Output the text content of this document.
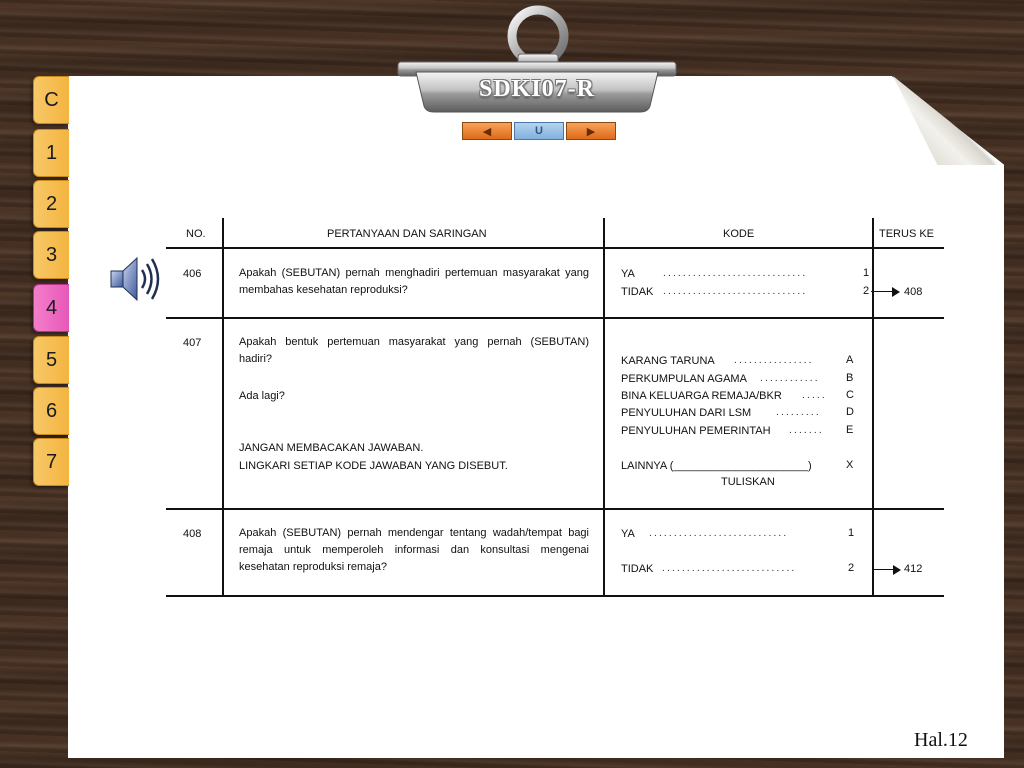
C
1
2
3
4
5
6
7
SDKI07-R
◀	U	▶
NO.	PERTANYAAN DAN SARINGAN	KODE	TERUS KE
406	Apakah (SEBUTAN) pernah menghadiri pertemuan masyarakat yang membahas kesehatan reproduksi?
YA	.............................	1
TIDAK .............................	2	408
407	Apakah bentuk pertemuan masyarakat yang pernah (SEBUTAN) hadiri?
Ada lagi?
JANGAN MEMBACAKAN JAWABAN.
LINGKARI SETIAP KODE JAWABAN YANG DISEBUT.
KARANG TARUNA ................	A
PERKUMPULAN AGAMA ............ B
BINA KELUARGA REMAJA/BKR ..... C
PENYULUHAN DARI LSM ......... D
PENYULUHAN PEMERINTAH ....... E
LAINNYA (______________________)	X
TULISKAN
408	Apakah (SEBUTAN) pernah mendengar tentang wadah/tempat bagi remaja untuk memperoleh informasi dan konsultasi mengenai kesehatan reproduksi remaja?
YA ............................	1
TIDAK ...........................	2	412
Hal.12
